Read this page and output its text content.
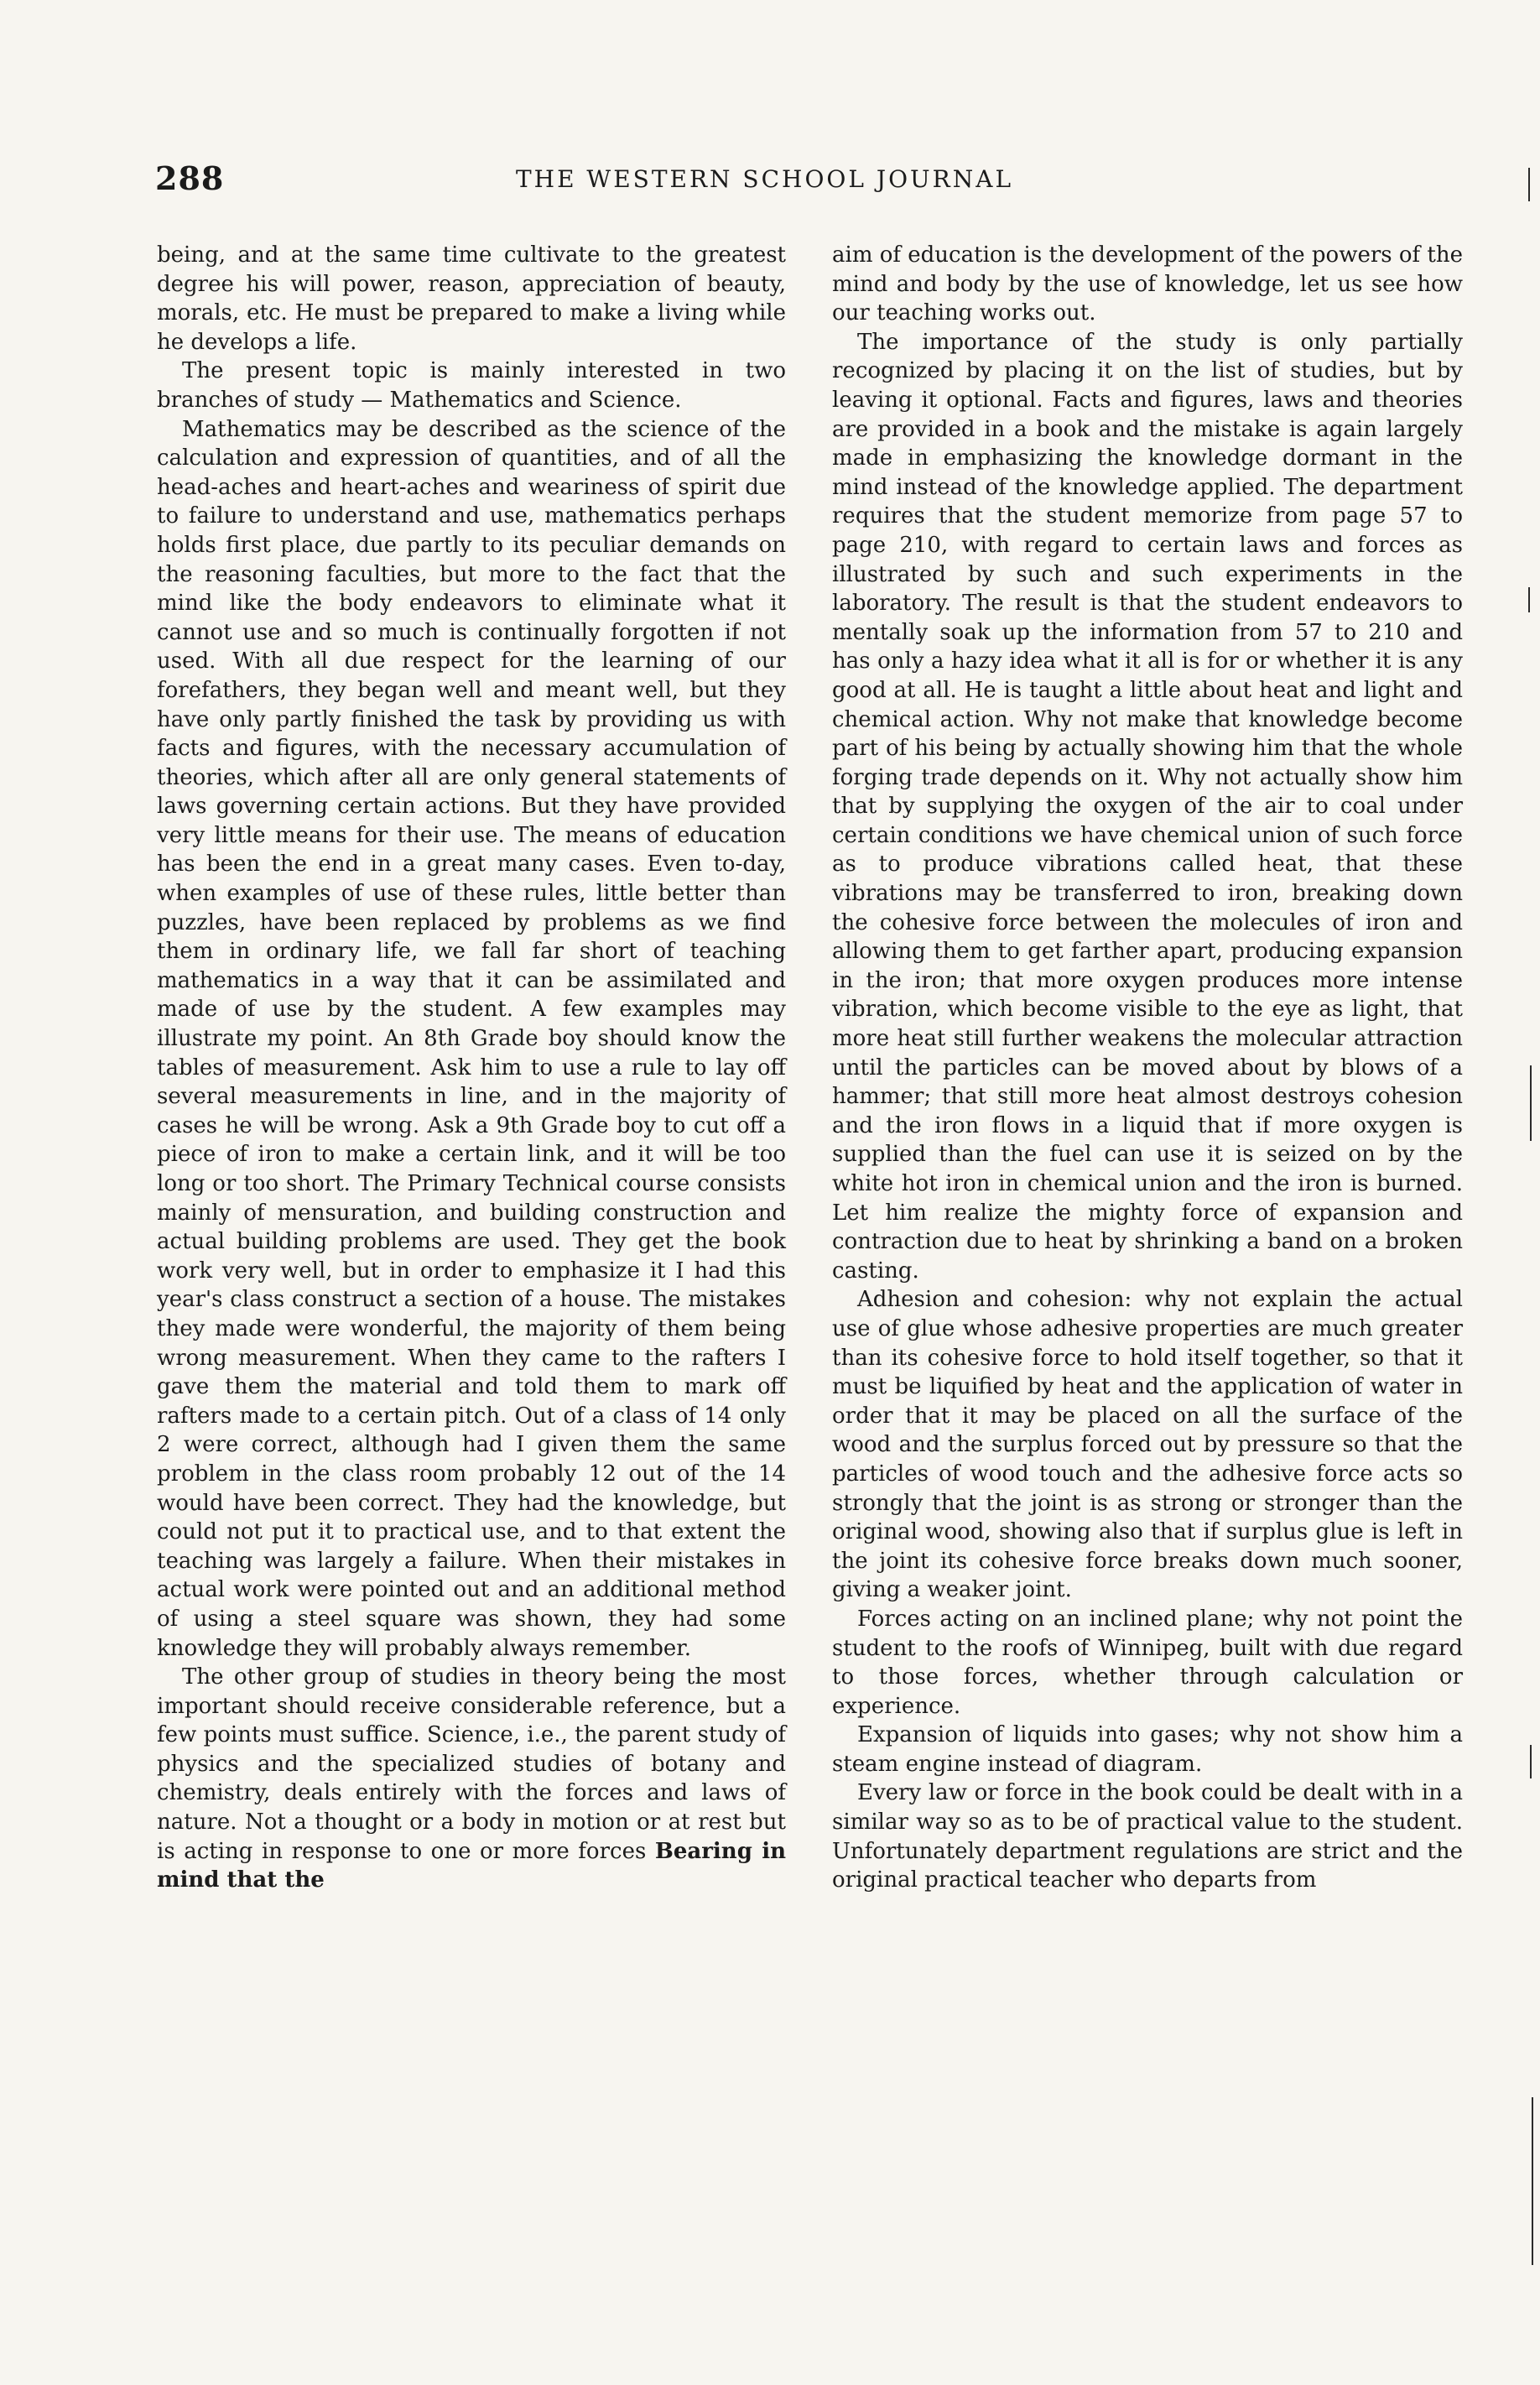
288	THE WESTERN SCHOOL JOURNAL

being, and at the same time cultivate to the greatest degree his will power, reason, appreciation of beauty, morals, etc. He must be prepared to make a living while he develops a life.

The present topic is mainly interested in two branches of study — Mathematics and Science.

Mathematics may be described as the science of the calculation and expression of quantities, and of all the head-aches and heart-aches and weariness of spirit due to failure to understand and use, mathematics perhaps holds first place, due partly to its peculiar demands on the reasoning faculties, but more to the fact that the mind like the body endeavors to eliminate what it cannot use and so much is continually forgotten if not used. With all due respect for the learning of our forefathers, they began well and meant well, but they have only partly finished the task by providing us with facts and figures, with the necessary accumulation of theories, which after all are only general statements of laws governing certain actions. But they have provided very little means for their use. The means of education has been the end in a great many cases. Even to-day, when examples of use of these rules, little better than puzzles, have been replaced by problems as we find them in ordinary life, we fall far short of teaching mathematics in a way that it can be assimilated and made of use by the student. A few examples may illustrate my point. An 8th Grade boy should know the tables of measurement. Ask him to use a rule to lay off several measurements in line, and in the majority of cases he will be wrong. Ask a 9th Grade boy to cut off a piece of iron to make a certain link, and it will be too long or too short. The Primary Technical course consists mainly of mensuration, and building construction and actual building problems are used. They get the book work very well, but in order to emphasize it I had this year's class construct a section of a house. The mistakes they made were wonderful, the majority of them being wrong measurement. When they came to the rafters I gave them the material and told them to mark off rafters made to a certain pitch. Out of a class of 14 only 2 were correct, although had I given them the same problem in the class room probably 12 out of the 14 would have been correct. They had the knowledge, but could not put it to practical use, and to that extent the teaching was largely a failure. When their mistakes in actual work were pointed out and an additional method of using a steel square was shown, they had some knowledge they will probably always remember.

The other group of studies in theory being the most important should receive considerable reference, but a few points must suffice. Science, i.e., the parent study of physics and the specialized studies of botany and chemistry, deals entirely with the forces and laws of nature. Not a thought or a body in motion or at rest but is acting in response to one or more forces Bearing in mind that the

aim of education is the development of the powers of the mind and body by the use of knowledge, let us see how our teaching works out.

The importance of the study is only partially recognized by placing it on the list of studies, but by leaving it optional. Facts and figures, laws and theories are provided in a book and the mistake is again largely made in emphasizing the knowledge dormant in the mind instead of the knowledge applied. The department requires that the student memorize from page 57 to page 210, with regard to certain laws and forces as illustrated by such and such experiments in the laboratory. The result is that the student endeavors to mentally soak up the information from 57 to 210 and has only a hazy idea what it all is for or whether it is any good at all. He is taught a little about heat and light and chemical action. Why not make that knowledge become part of his being by actually showing him that the whole forging trade depends on it. Why not actually show him that by supplying the oxygen of the air to coal under certain conditions we have chemical union of such force as to produce vibrations called heat, that these vibrations may be transferred to iron, breaking down the cohesive force between the molecules of iron and allowing them to get farther apart, producing expansion in the iron; that more oxygen produces more intense vibration, which become visible to the eye as light, that more heat still further weakens the molecular attraction until the particles can be moved about by blows of a hammer; that still more heat almost destroys cohesion and the iron flows in a liquid that if more oxygen is supplied than the fuel can use it is seized on by the white hot iron in chemical union and the iron is burned. Let him realize the mighty force of expansion and contraction due to heat by shrinking a band on a broken casting.

Adhesion and cohesion: why not explain the actual use of glue whose adhesive properties are much greater than its cohesive force to hold itself together, so that it must be liquified by heat and the application of water in order that it may be placed on all the surface of the wood and the surplus forced out by pressure so that the particles of wood touch and the adhesive force acts so strongly that the joint is as strong or stronger than the original wood, showing also that if surplus glue is left in the joint its cohesive force breaks down much sooner, giving a weaker joint.

Forces acting on an inclined plane; why not point the student to the roofs of Winnipeg, built with due regard to those forces, whether through calculation or experience.

Expansion of liquids into gases; why not show him a steam engine instead of diagram.

Every law or force in the book could be dealt with in a similar way so as to be of practical value to the student. Unfortunately department regulations are strict and the original practical teacher who departs from
